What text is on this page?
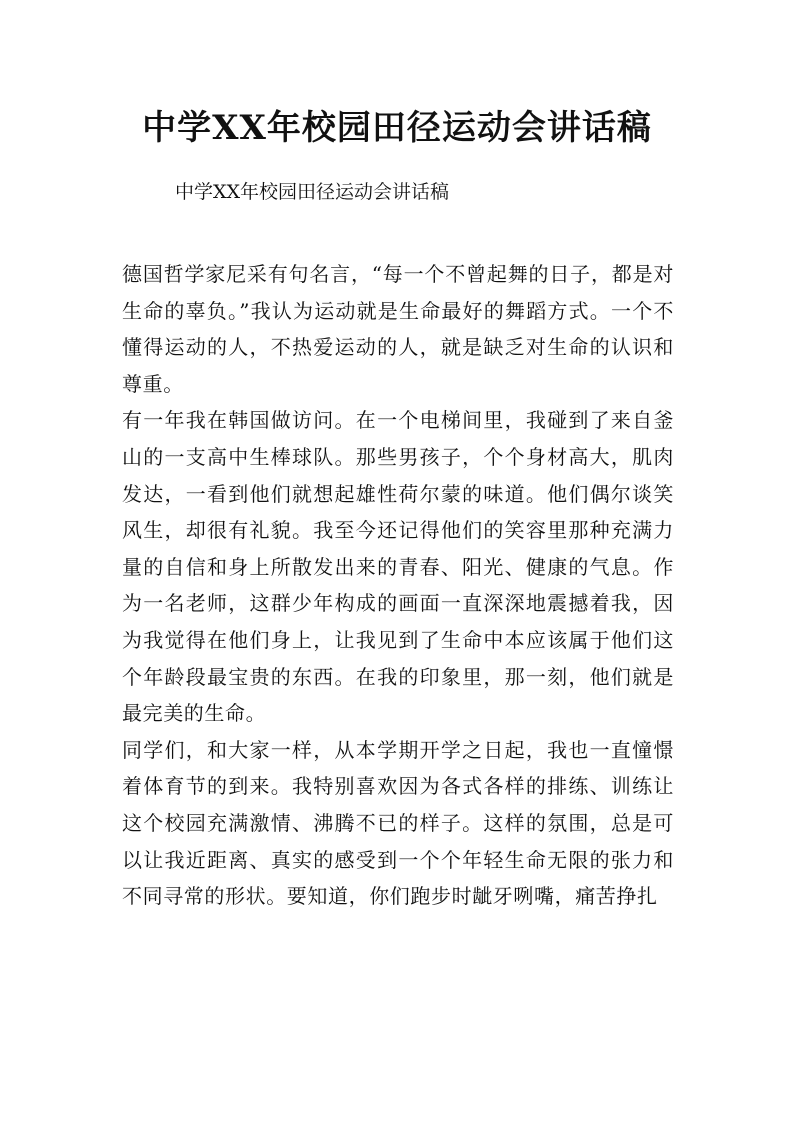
中学XX年校园田径运动会讲话稿
中学XX年校园田径运动会讲话稿

德国哲学家尼采有句名言，“每一个不曾起舞的日子，都是对生命的辜负。”我认为运动就是生命最好的舞蹈方式。一个不懂得运动的人，不热爱运动的人，就是缺乏对生命的认识和尊重。

有一年我在韩国做访问。在一个电梯间里，我碰到了来自釜山的一支高中生棒球队。那些男孩子，个个身材高大，肌肉发达，一看到他们就想起雄性荷尔蒙的味道。他们偶尔谈笑风生，却很有礼貌。我至今还记得他们的笑容里那种充满力量的自信和身上所散发出来的青春、阳光、健康的气息。作为一名老师，这群少年构成的画面一直深深地震撼着我，因为我觉得在他们身上，让我见到了生命中本应该属于他们这个年龄段最宝贵的东西。在我的印象里，那一刻，他们就是最完美的生命。

同学们，和大家一样，从本学期开学之日起，我也一直憧憬着体育节的到来。我特别喜欢因为各式各样的排练、训练让这个校园充满激情、沸腾不已的样子。这样的氛围，总是可以让我近距离、真实的感受到一个个年轻生命无限的张力和不同寻常的形状。要知道，你们跑步时龇牙咧嘴，痛苦挣扎
